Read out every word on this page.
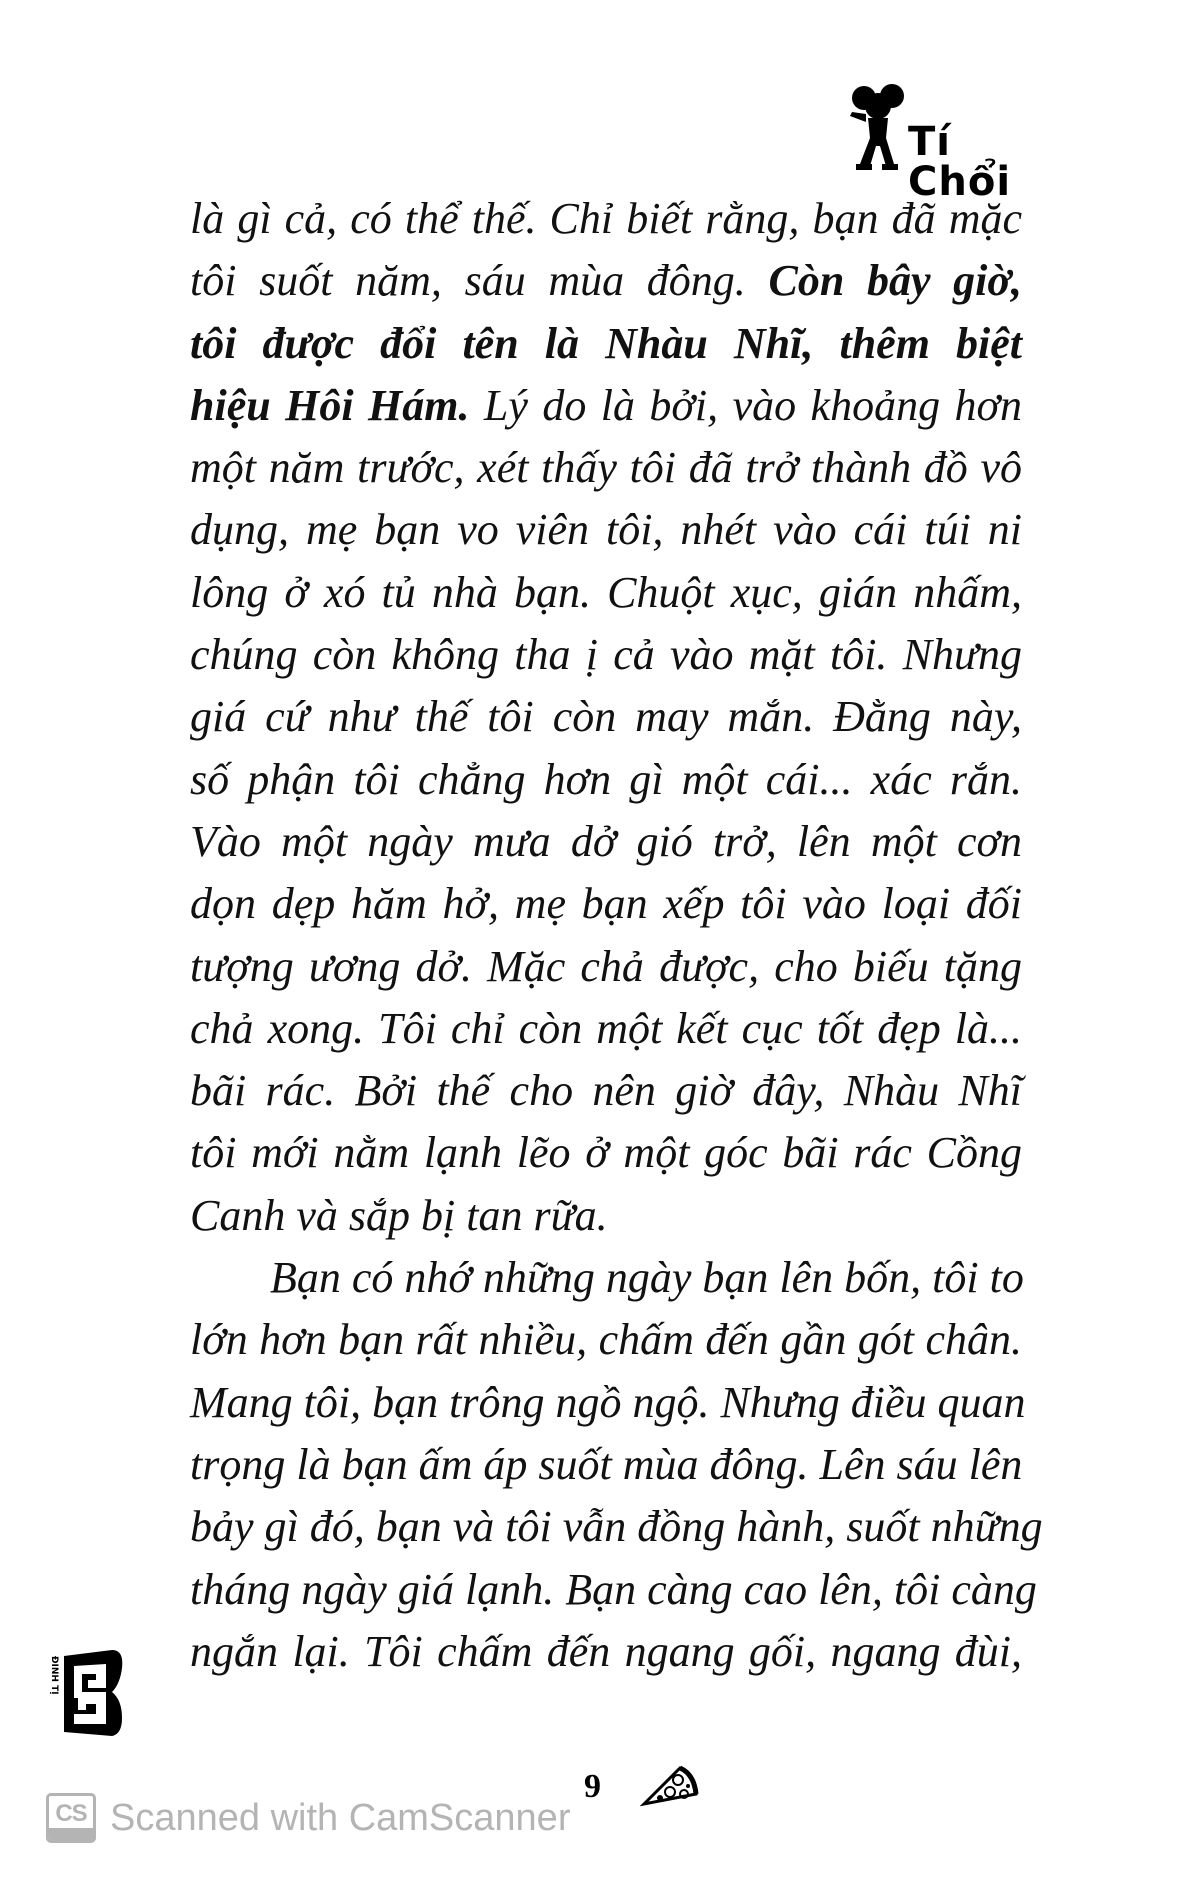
Tí Chổi
là gì cả, có thể thế. Chỉ biết rằng, bạn đã mặc
tôi suốt năm, sáu mùa đông. Còn bây giờ,
tôi được đổi tên là Nhàu Nhĩ, thêm biệt
hiệu Hôi Hám. Lý do là bởi, vào khoảng hơn
một năm trước, xét thấy tôi đã trở thành đồ vô
dụng, mẹ bạn vo viên tôi, nhét vào cái túi ni
lông ở xó tủ nhà bạn. Chuột xục, gián nhấm,
chúng còn không tha ị cả vào mặt tôi. Nhưng
giá cứ như thế tôi còn may mắn. Đằng này,
số phận tôi chẳng hơn gì một cái... xác rắn.
Vào một ngày mưa dở gió trở, lên một cơn
dọn dẹp hăm hở, mẹ bạn xếp tôi vào loại đối
tượng ương dở. Mặc chả được, cho biếu tặng
chả xong. Tôi chỉ còn một kết cục tốt đẹp là...
bãi rác. Bởi thế cho nên giờ đây, Nhàu Nhĩ
tôi mới nằm lạnh lẽo ở một góc bãi rác Cồng
Canh và sắp bị tan rữa.
Bạn có nhớ những ngày bạn lên bốn, tôi to
lớn hơn bạn rất nhiều, chấm đến gần gót chân.
Mang tôi, bạn trông ngồ ngộ. Nhưng điều quan
trọng là bạn ấm áp suốt mùa đông. Lên sáu lên
bảy gì đó, bạn và tôi vẫn đồng hành, suốt những
tháng ngày giá lạnh. Bạn càng cao lên, tôi càng
ngắn lại. Tôi chấm đến ngang gối, ngang đùi,
ĐINH TỊ
9
CS Scanned with CamScanner
